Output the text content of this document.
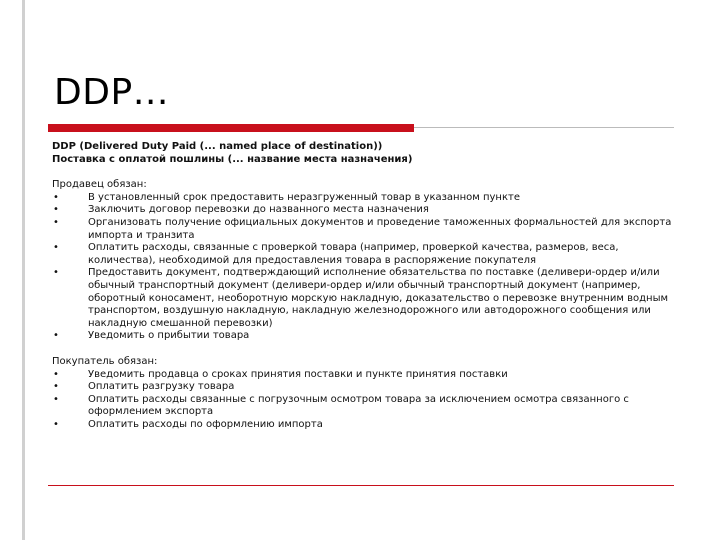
DDP…
DDP (Delivered Duty Paid (... named place of destination))
Поставка с оплатой пошлины (... название места назначения)
Продавец обязан:
•	В установленный срок предоставить неразгруженный товар в указанном пункте
•	Заключить договор перевозки до названного места назначения
•	Организовать получение официальных документов и проведение таможенных формальностей для экспорта импорта и транзита
•	Оплатить расходы, связанные с проверкой товара (например, проверкой качества, размеров, веса, количества), необходимой для предоставления товара в распоряжение покупателя
•	Предоставить документ, подтверждающий исполнение обязательства по поставке (деливери-ордер и/или обычный транспортный документ (деливери-ордер и/или обычный транспортный документ (например, оборотный коносамент, необоротную морскую накладную, доказательство о перевозке внутренним водным транспортом, воздушную накладную, накладную железнодорожного или автодорожного сообщения или накладную смешанной перевозки)
•	Уведомить о прибытии товара
Покупатель обязан:
•	Уведомить продавца о сроках принятия поставки и пункте принятия поставки
•	Оплатить разгрузку товара
•	Оплатить расходы связанные с погрузочным осмотром товара за исключением осмотра связанного с оформлением экспорта
•	Оплатить расходы по оформлению импорта
